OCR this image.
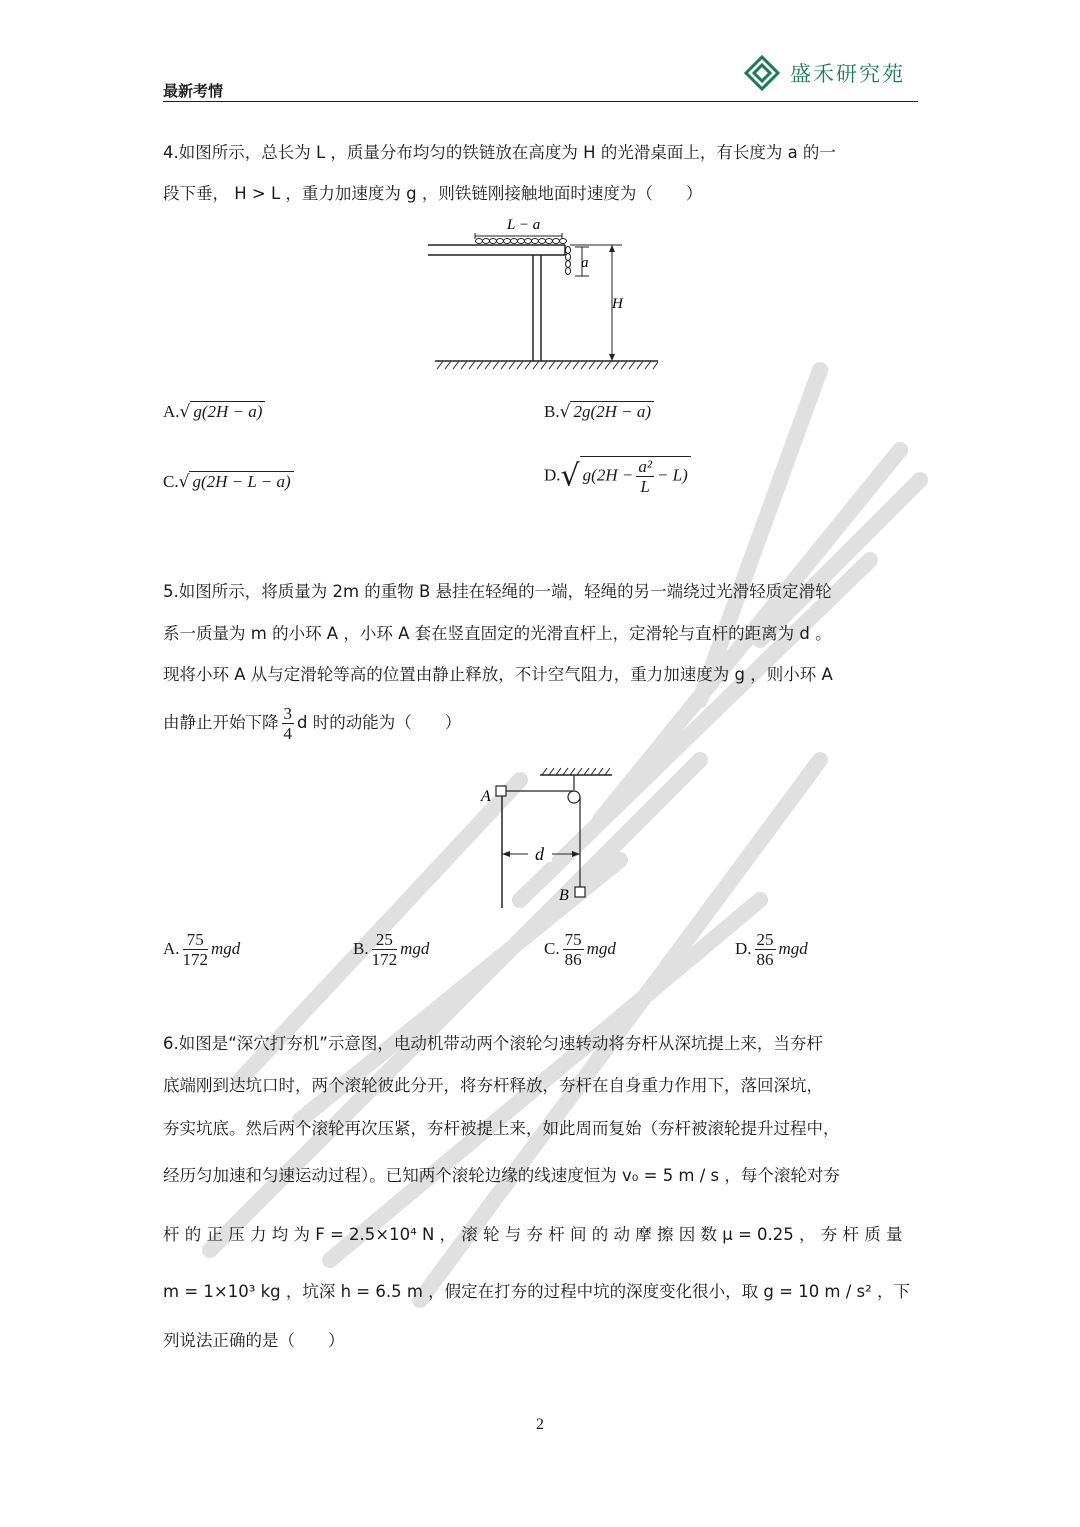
最新考情
盛禾研究苑
4.如图所示，总长为 L ，质量分布均匀的铁链放在高度为 H 的光滑桌面上，有长度为 a 的一
段下垂， H > L ，重力加速度为 g ，则铁链刚接触地面时速度为（　　）
L − a
a
H
A.√ g(2H − a)	B.√ 2g(2H − a)
C.√ g(2H − L − a)	D.√ $g(2H - \frac{\text{a²}}{L} - L)$
5.如图所示，将质量为 2m 的重物 B 悬挂在轻绳的一端，轻绳的另一端绕过光滑轻质定滑轮
系一质量为 m 的小环 A ，小环 A 套在竖直固定的光滑直杆上，定滑轮与直杆的距离为 d 。
现将小环 A 从与定滑轮等高的位置由静止释放，不计空气阻力，重力加速度为 g ，则小环 A
由静止开始下降 $\frac{3}{4}$ d 时的动能为（　　）
A
B
d
A. $\frac{75}{172}$ mgd	B. $\frac{25}{172}$ mgd	C. $\frac{75}{86}$ mgd	D. $\frac{25}{86}$ mgd
6.如图是“深穴打夯机”示意图，电动机带动两个滚轮匀速转动将夯杆从深坑提上来，当夯杆
底端刚到达坑口时，两个滚轮彼此分开，将夯杆释放，夯杆在自身重力作用下，落回深坑，
夯实坑底。然后两个滚轮再次压紧，夯杆被提上来，如此周而复始（夯杆被滚轮提升过程中，
经历匀加速和匀速运动过程）。已知两个滚轮边缘的线速度恒为 v₀ = 5 m / s ，每个滚轮对夯
杆 的 正 压 力 均 为 F = 2.5×10⁴ N ， 滚 轮 与 夯 杆 间 的 动 摩 擦 因 数 μ = 0.25 ， 夯 杆 质 量
m = 1×10³ kg ，坑深 h = 6.5 m ，假定在打夯的过程中坑的深度变化很小，取 g = 10 m / s² ，下
列说法正确的是（　　）
2
